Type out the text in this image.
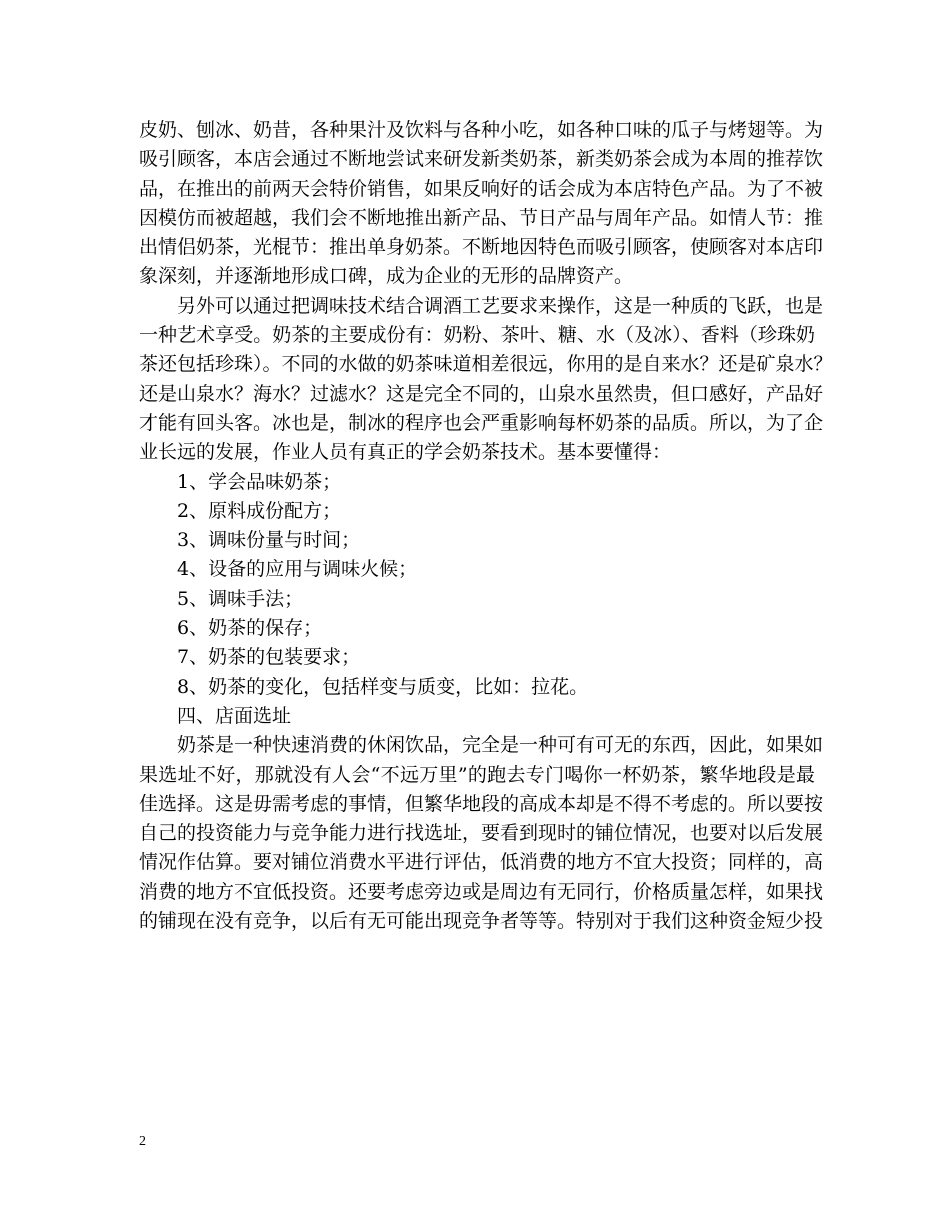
皮奶、刨冰、奶昔，各种果汁及饮料与各种小吃，如各种口味的瓜子与烤翅等。为
吸引顾客，本店会通过不断地尝试来研发新类奶茶，新类奶茶会成为本周的推荐饮
品，在推出的前两天会特价销售，如果反响好的话会成为本店特色产品。为了不被
因模仿而被超越，我们会不断地推出新产品、节日产品与周年产品。如情人节：推
出情侣奶茶，光棍节：推出单身奶茶。不断地因特色而吸引顾客，使顾客对本店印
象深刻，并逐渐地形成口碑，成为企业的无形的品牌资产。
另外可以通过把调味技术结合调酒工艺要求来操作，这是一种质的飞跃，也是
一种艺术享受。奶茶的主要成份有：奶粉、茶叶、糖、水（及冰）、香料（珍珠奶
茶还包括珍珠）。不同的水做的奶茶味道相差很远，你用的是自来水？还是矿泉水？
还是山泉水？海水？过滤水？这是完全不同的，山泉水虽然贵，但口感好，产品好
才能有回头客。冰也是，制冰的程序也会严重影响每杯奶茶的品质。所以，为了企
业长远的发展，作业人员有真正的学会奶茶技术。基本要懂得：
1、学会品味奶茶；
2、原料成份配方；
3、调味份量与时间；
4、设备的应用与调味火候；
5、调味手法；
6、奶茶的保存；
7、奶茶的包装要求；
8、奶茶的变化，包括样变与质变，比如：拉花。
四、店面选址
奶茶是一种快速消费的休闲饮品，完全是一种可有可无的东西，因此，如果如
果选址不好，那就没有人会“不远万里”的跑去专门喝你一杯奶茶，繁华地段是最
佳选择。这是毋需考虑的事情，但繁华地段的高成本却是不得不考虑的。所以要按
自己的投资能力与竞争能力进行找选址，要看到现时的铺位情况，也要对以后发展
情况作估算。要对铺位消费水平进行评估，低消费的地方不宜大投资；同样的，高
消费的地方不宜低投资。还要考虑旁边或是周边有无同行，价格质量怎样，如果找
的铺现在没有竞争，以后有无可能出现竞争者等等。特别对于我们这种资金短少投
2
